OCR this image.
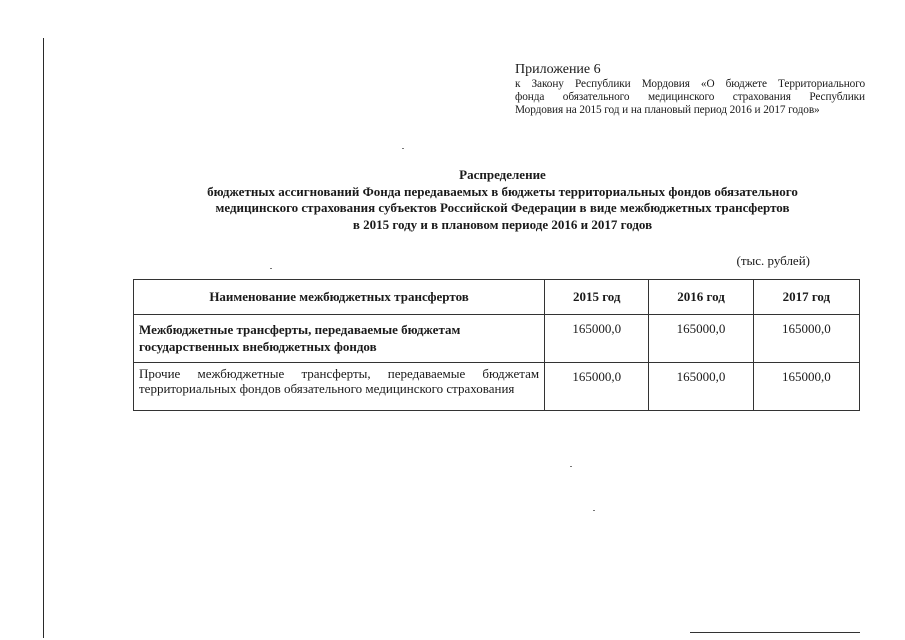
Приложение 6
к Закону Республики Мордовия «О бюджете Территориального
фонда обязательного медицинского страхования Республики
Мордовия на 2015 год и на плановый период 2016 и 2017 годов»
Распределение
бюджетных ассигнований Фонда передаваемых в бюджеты территориальных фондов обязательного
медицинского страхования субъектов Российской Федерации в виде межбюджетных трансфертов
в 2015 году и в плановом периоде 2016 и 2017 годов
(тыс. рублей)
Наименование межбюджетных трансфертов	2015 год	2016 год	2017 год
Межбюджетные трансферты, передаваемые бюджетам государственных внебюджетных фондов	165000,0	165000,0	165000,0
Прочие межбюджетные трансферты, передаваемые бюджетам территориальных фондов обязательного медицинского страхования	165000,0	165000,0	165000,0
